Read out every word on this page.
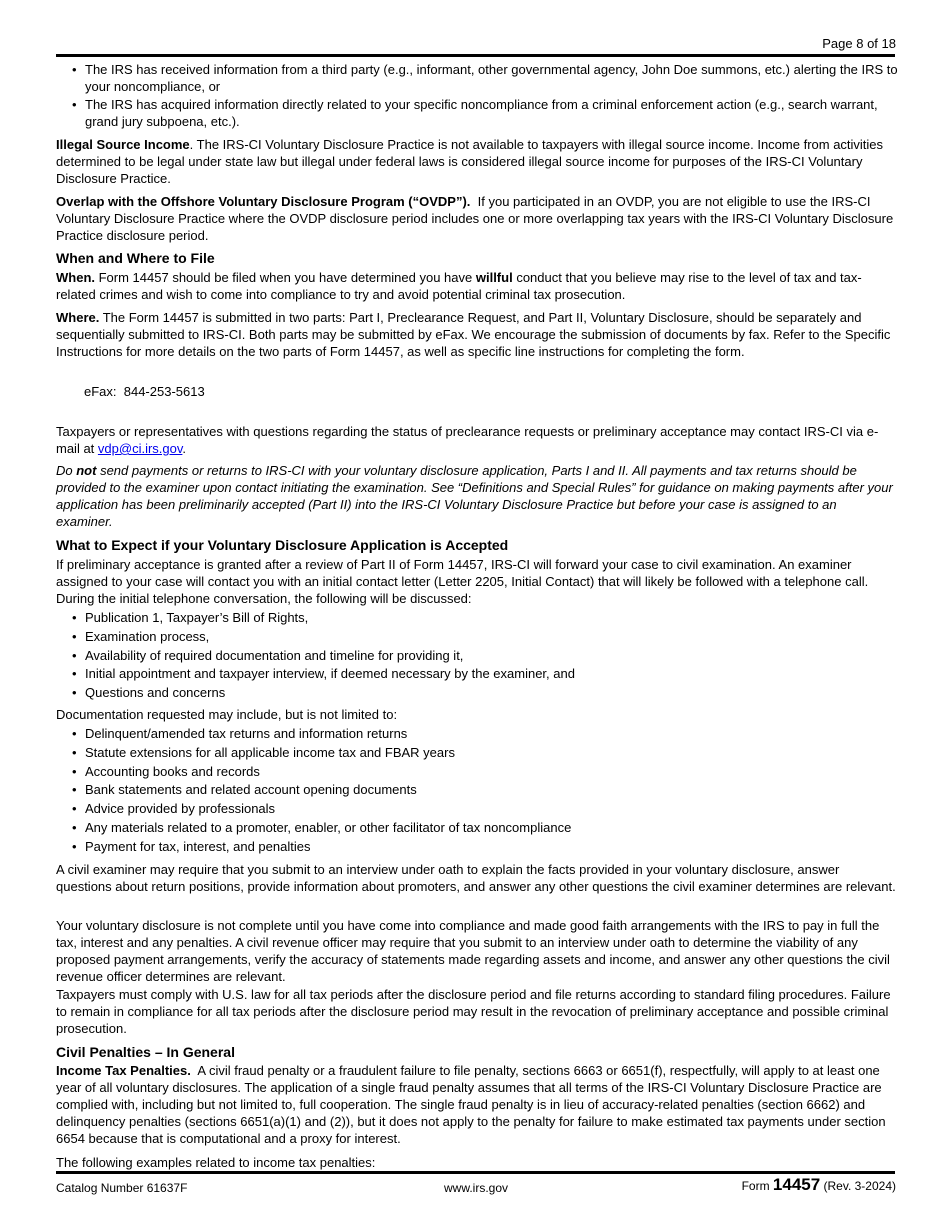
Page 8 of 18
• The IRS has received information from a third party (e.g., informant, other governmental agency, John Doe summons, etc.) alerting the IRS to your noncompliance, or
• The IRS has acquired information directly related to your specific noncompliance from a criminal enforcement action (e.g., search warrant, grand jury subpoena, etc.).
Illegal Source Income. The IRS-CI Voluntary Disclosure Practice is not available to taxpayers with illegal source income. Income from activities determined to be legal under state law but illegal under federal laws is considered illegal source income for purposes of the IRS-CI Voluntary Disclosure Practice.
Overlap with the Offshore Voluntary Disclosure Program (“OVDP”).  If you participated in an OVDP, you are not eligible to use the IRS-CI Voluntary Disclosure Practice where the OVDP disclosure period includes one or more overlapping tax years with the IRS-CI Voluntary Disclosure Practice disclosure period.
When and Where to File
When. Form 14457 should be filed when you have determined you have willful conduct that you believe may rise to the level of tax and tax-related crimes and wish to come into compliance to try and avoid potential criminal tax prosecution.
Where. The Form 14457 is submitted in two parts: Part I, Preclearance Request, and Part II, Voluntary Disclosure, should be separately and sequentially submitted to IRS-CI. Both parts may be submitted by eFax. We encourage the submission of documents by fax. Refer to the Specific Instructions for more details on the two parts of Form 14457, as well as specific line instructions for completing the form.
eFax:  844-253-5613
Taxpayers or representatives with questions regarding the status of preclearance requests or preliminary acceptance may contact IRS-CI via e-mail at vdp@ci.irs.gov.
Do not send payments or returns to IRS-CI with your voluntary disclosure application, Parts I and II. All payments and tax returns should be provided to the examiner upon contact initiating the examination. See “Definitions and Special Rules” for guidance on making payments after your application has been preliminarily accepted (Part II) into the IRS-CI Voluntary Disclosure Practice but before your case is assigned to an examiner.
What to Expect if your Voluntary Disclosure Application is Accepted
If preliminary acceptance is granted after a review of Part II of Form 14457, IRS-CI will forward your case to civil examination. An examiner assigned to your case will contact you with an initial contact letter (Letter 2205, Initial Contact) that will likely be followed with a telephone call. During the initial telephone conversation, the following will be discussed:
• Publication 1, Taxpayer’s Bill of Rights,
• Examination process,
• Availability of required documentation and timeline for providing it,
• Initial appointment and taxpayer interview, if deemed necessary by the examiner, and
• Questions and concerns
Documentation requested may include, but is not limited to:
• Delinquent/amended tax returns and information returns
• Statute extensions for all applicable income tax and FBAR years
• Accounting books and records
• Bank statements and related account opening documents
• Advice provided by professionals
• Any materials related to a promoter, enabler, or other facilitator of tax noncompliance
• Payment for tax, interest, and penalties
A civil examiner may require that you submit to an interview under oath to explain the facts provided in your voluntary disclosure, answer questions about return positions, provide information about promoters, and answer any other questions the civil examiner determines are relevant.
Your voluntary disclosure is not complete until you have come into compliance and made good faith arrangements with the IRS to pay in full the tax, interest and any penalties. A civil revenue officer may require that you submit to an interview under oath to determine the viability of any proposed payment arrangements, verify the accuracy of statements made regarding assets and income, and answer any other questions the civil revenue officer determines are relevant.
Taxpayers must comply with U.S. law for all tax periods after the disclosure period and file returns according to standard filing procedures. Failure to remain in compliance for all tax periods after the disclosure period may result in the revocation of preliminary acceptance and possible criminal prosecution.
Civil Penalties – In General
Income Tax Penalties.  A civil fraud penalty or a fraudulent failure to file penalty, sections 6663 or 6651(f), respectfully, will apply to at least one year of all voluntary disclosures. The application of a single fraud penalty assumes that all terms of the IRS-CI Voluntary Disclosure Practice are complied with, including but not limited to, full cooperation. The single fraud penalty is in lieu of accuracy-related penalties (section 6662) and delinquency penalties (sections 6651(a)(1) and (2)), but it does not apply to the penalty for failure to make estimated tax payments under section 6654 because that is computational and a proxy for interest.
The following examples related to income tax penalties:
Catalog Number 61637F	www.irs.gov	Form 14457 (Rev. 3-2024)
